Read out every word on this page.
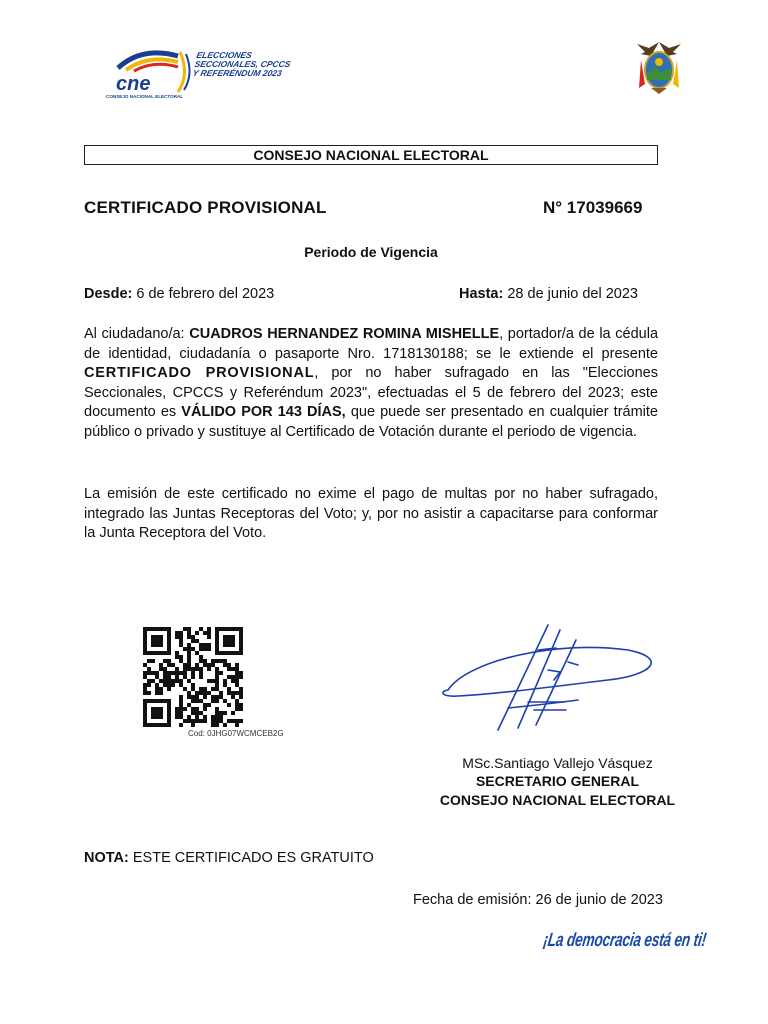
cne
CONSEJO NACIONAL ELECTORAL
ELECCIONES SECCIONALES, CPCCS Y REFERÉNDUM 2023
CONSEJO NACIONAL ELECTORAL
CERTIFICADO PROVISIONAL	N° 17039669
Periodo de Vigencia
Desde: 6 de febrero del 2023	Hasta: 28 de junio del 2023
Al ciudadano/a: CUADROS HERNANDEZ ROMINA MISHELLE, portador/a de la cédula de identidad, ciudadanía o pasaporte Nro. 1718130188; se le extiende el presente CERTIFICADO PROVISIONAL, por no haber sufragado en las "Elecciones Seccionales, CPCCS y Referéndum 2023", efectuadas el 5 de febrero del 2023; este documento es VÁLIDO POR 143 DÍAS, que puede ser presentado en cualquier trámite público o privado y sustituye al Certificado de Votación durante el periodo de vigencia.
La emisión de este certificado no exime el pago de multas por no haber sufragado, integrado las Juntas Receptoras del Voto; y, por no asistir a capacitarse para conformar la Junta Receptora del Voto.
Cod: 0JHG07WCMCEB2G
MSc.Santiago Vallejo Vásquez
SECRETARIO GENERAL
CONSEJO NACIONAL ELECTORAL
NOTA: ESTE CERTIFICADO ES GRATUITO
Fecha de emisión: 26 de junio de 2023
¡La democracia está en ti!
